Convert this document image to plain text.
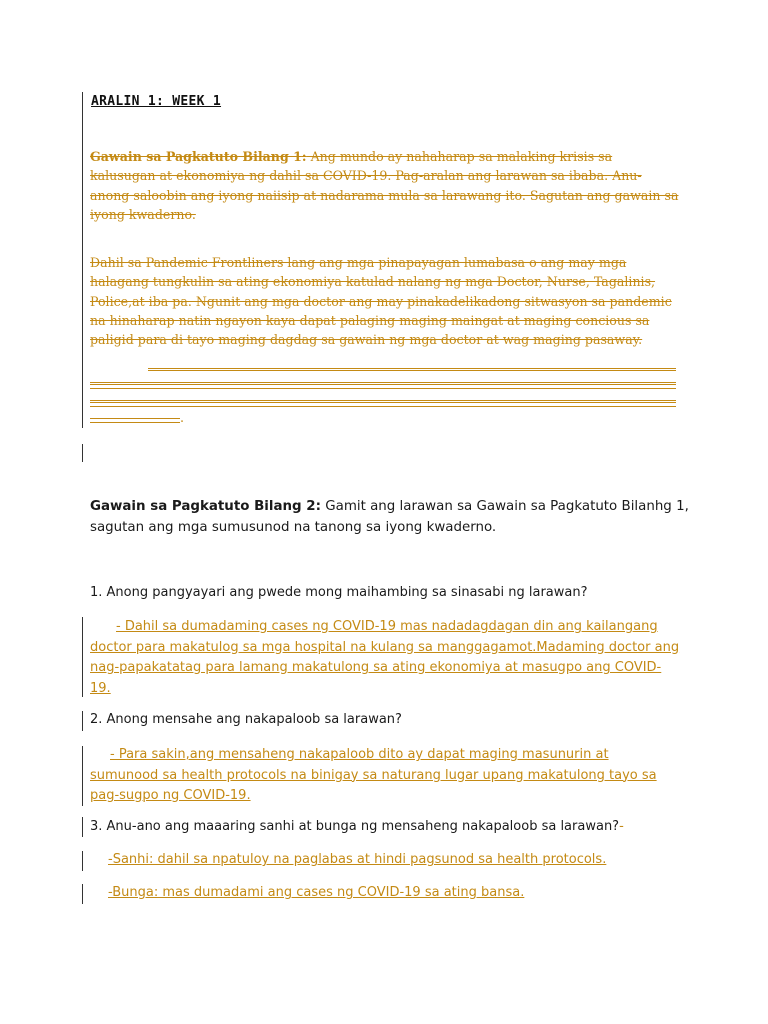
ARALIN 1: WEEK 1
Gawain sa Pagkatuto Bilang 1: Ang mundo ay nahaharap sa malaking krisis sa kalusugan at ekonomiya ng dahil sa COVID-19. Pag-aralan ang larawan sa ibaba. Anu-anong saloobin ang iyong naiisip at nadarama mula sa larawang ito. Sagutan ang gawain sa iyong kwaderno.
Dahil sa Pandemic Frontliners lang ang mga pinapayagan lumabasa o ang may mga halagang tungkulin sa ating ekonomiya katulad nalang ng mga Doctor, Nurse, Tagalinis, Police,at iba pa. Ngunit ang mga doctor ang may pinakadelikadong sitwasyon sa pandemic na hinaharap natin ngayon kaya dapat palaging maging maingat at maging concious sa paligid para di tayo maging dagdag sa gawain ng mga doctor at wag maging pasaway.
.
Gawain sa Pagkatuto Bilang 2: Gamit ang larawan sa Gawain sa Pagkatuto Bilanhg 1, sagutan ang mga sumusunod na tanong sa iyong kwaderno.
1. Anong pangyayari ang pwede mong maihambing sa sinasabi ng larawan?
- Dahil sa dumadaming cases ng COVID-19 mas nadadagdagan din ang kailangang doctor para makatulog sa mga hospital na kulang sa manggagamot.Madaming doctor ang nag-papakatatag para lamang makatulong sa ating ekonomiya at masugpo ang COVID-19.
2. Anong mensahe ang nakapaloob sa larawan?
- Para sakin,ang mensaheng nakapaloob dito ay dapat maging masunurin at sumunood sa health protocols na binigay sa naturang lugar upang makatulong tayo sa pag-sugpo ng COVID-19.
3. Anu-ano ang maaaring sanhi at bunga ng mensaheng nakapaloob sa larawan?-
-Sanhi: dahil sa npatuloy na paglabas at hindi pagsunod sa health protocols.
-Bunga: mas dumadami ang cases ng COVID-19 sa ating bansa.
